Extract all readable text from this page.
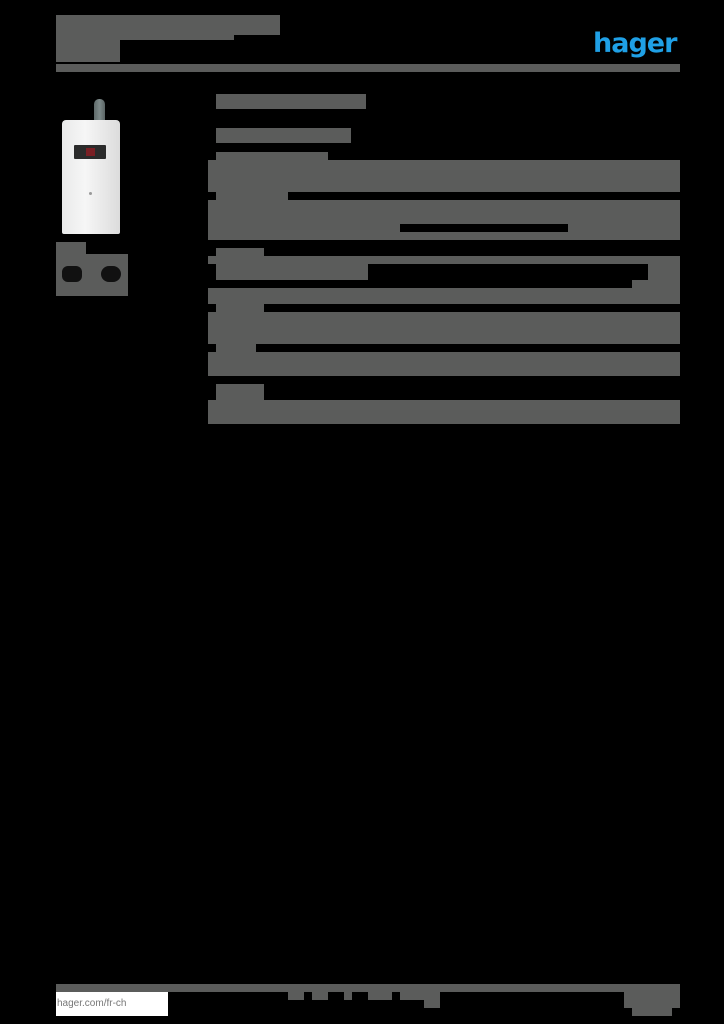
hager
hager.com/fr-ch
